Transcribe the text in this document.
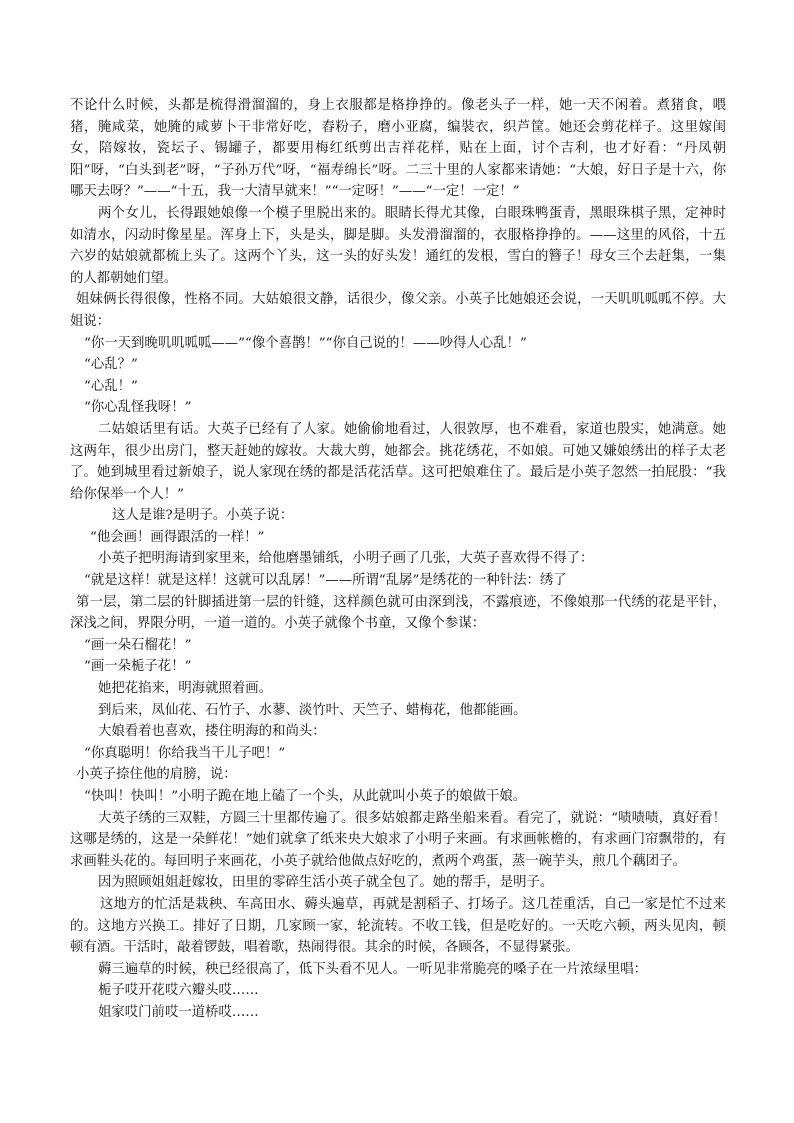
不论什么时候，头都是梳得滑溜溜的，身上衣服都是格挣挣的。像老头子一样，她一天不闲着。煮猪食，喂猪，腌咸菜，她腌的咸萝卜干非常好吃，舂粉子，磨小亚腐，编裝衣，织芦筐。她还会剪花样子。这里嫁闺女，陪嫁妆，瓷坛子、锡罐子，都要用梅红纸剪出吉祥花样，贴在上面，讨个吉利，也才好看：“丹凤朝阳”呀，“白头到老”呀，“子孙万代”呀，“福寿绵长”呀。二三十里的人家都来请她：“大娘，好日子是十六，你哪天去呀？”——“十五，我一大清早就来！”“一定呀！”——“一定！一定！”

两个女儿，长得跟她娘像一个模子里脱出来的。眼睛长得尤其像，白眼珠鸭蛋青，黑眼珠棋子黑，定神时如清水，闪动时像星星。浑身上下，头是头，脚是脚。头发滑溜溜的，衣服格挣挣的。——这里的风俗，十五六岁的姑娘就都梳上头了。这两个丫头，这一头的好头发！通红的发根，雪白的簪子！母女三个去赶集，一集的人都朝她们望。

姐妹俩长得很像，性格不同。大姑娘很文静，话很少，像父亲。小英子比她娘还会说，一天叽叽呱呱不停。大姐说：

“你一天到晚叽叽呱呱——”“像个喜鹊！”“你自己说的！——吵得人心乱！”

“心乱？”

“心乱！”

“你心乱怪我呀！”

二姑娘话里有话。大英子已经有了人家。她偷偷地看过，人很敦厚，也不难看，家道也殷实，她满意。她这两年，很少出房门，整天赶她的嫁妆。大裁大剪，她都会。挑花绣花，不如娘。可她又嫌娘绣出的样子太老了。她到城里看过新娘子，说人家现在绣的都是活花活草。这可把娘难住了。最后是小英子忽然一拍屁股：“我给你保举一个人！”

这人是谁?是明子。小英子说：

“他会画！画得跟活的一样！”

小英子把明海请到家里来，给他磨墨铺纸，小明子画了几张，大英子喜欢得不得了：

“就是这样！就是这样！这就可以乱孱！”——所谓“乱孱”是绣花的一种针法：绣了

第一层，第二层的针脚插进第一层的针缝，这样颜色就可由深到浅，不露痕迹，不像娘那一代绣的花是平针，深浅之间，界限分明，一道一道的。小英子就像个书童，又像个参谋：

“画一朵石榴花！”

“画一朵栀子花！”

她把花掐来，明海就照着画。

到后来，凤仙花、石竹子、水蓼、淡竹叶、天竺子、蜡梅花，他都能画。

大娘看着也喜欢，搂住明海的和尚头：

“你真聪明！你给我当干儿子吧！”

小英子捺住他的肩膀，说：

“快叫！快叫！”小明子跪在地上磕了一个头，从此就叫小英子的娘做干娘。

大英子绣的三双鞋，方圆三十里都传遍了。很多姑娘都走路坐船来看。看完了，就说：“啧啧啧，真好看！这哪是绣的，这是一朵鲜花！”她们就拿了纸来央大娘求了小明子来画。有求画帐檐的，有求画门帘飘带的，有求画鞋头花的。每回明子来画花，小英子就给他做点好吃的，煮两个鸡蛋，蒸一碗芋头，煎几个藕团子。

因为照顾姐姐赶嫁妆，田里的零碎生活小英子就全包了。她的帮手，是明子。

这地方的忙活是栽秧、车高田水、薅头遍草，再就是割稻子、打场子。这几茬重活，自己一家是忙不过来的。这地方兴换工。排好了日期，几家顾一家，轮流转。不收工钱，但是吃好的。一天吃六顿，两头见肉，顿顿有酒。干活时，敲着锣鼓，唱着歌，热闹得很。其余的时候，各顾各，不显得紧张。

薅三遍草的时候，秧已经很高了，低下头看不见人。一听见非常脆亮的嗓子在一片浓绿里唱：

栀子哎开花哎六瓣头哎……

姐家哎门前哎一道桥哎……
